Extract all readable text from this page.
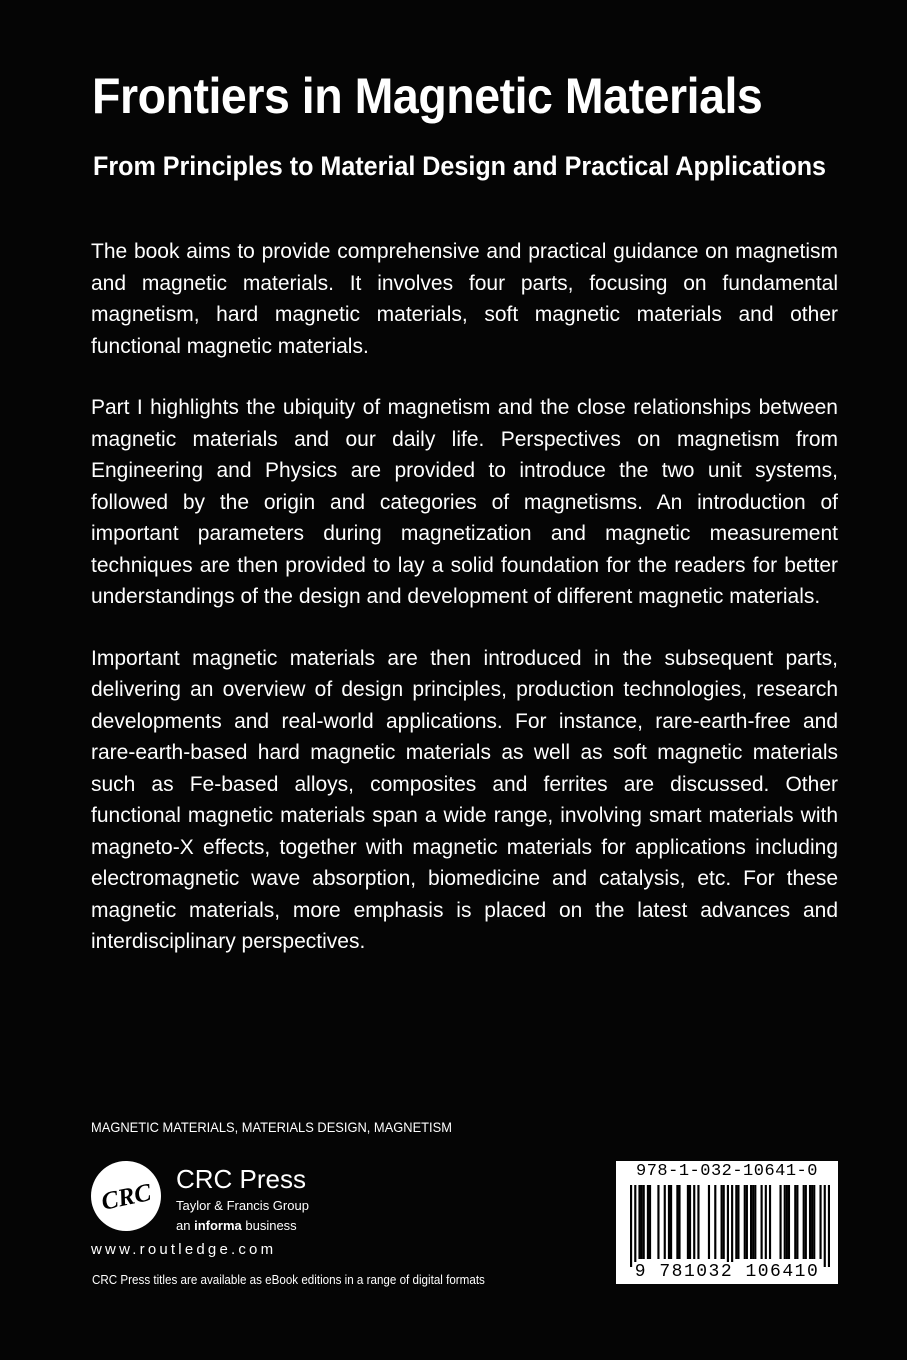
Frontiers in Magnetic Materials
From Principles to Material Design and Practical Applications

The book aims to provide comprehensive and practical guidance on magnetism and magnetic materials. It involves four parts, focusing on fundamental magnetism, hard magnetic materials, soft magnetic materials and other functional magnetic materials.

Part I highlights the ubiquity of magnetism and the close relationships between magnetic materials and our daily life. Perspectives on magnetism from Engineering and Physics are provided to introduce the two unit systems, followed by the origin and categories of magnetisms. An introduction of important parameters during magnetization and magnetic measurement techniques are then provided to lay a solid foundation for the readers for better understandings of the design and development of different magnetic materials.

Important magnetic materials are then introduced in the subsequent parts, delivering an overview of design principles, production technologies, research developments and real-world applications. For instance, rare-earth-free and rare-earth-based hard magnetic materials as well as soft magnetic materials such as Fe-based alloys, composites and ferrites are discussed. Other functional magnetic materials span a wide range, involving smart materials with magneto-X effects, together with magnetic materials for applications including electromagnetic wave absorption, biomedicine and catalysis, etc. For these magnetic materials, more emphasis is placed on the latest advances and interdisciplinary perspectives.

MAGNETIC MATERIALS, MATERIALS DESIGN, MAGNETISM
CRC
CRC Press
Taylor & Francis Group
an informa business
www.routledge.com
CRC Press titles are available as eBook editions in a range of digital formats
978-1-032-10641-0
9 781032 106410
